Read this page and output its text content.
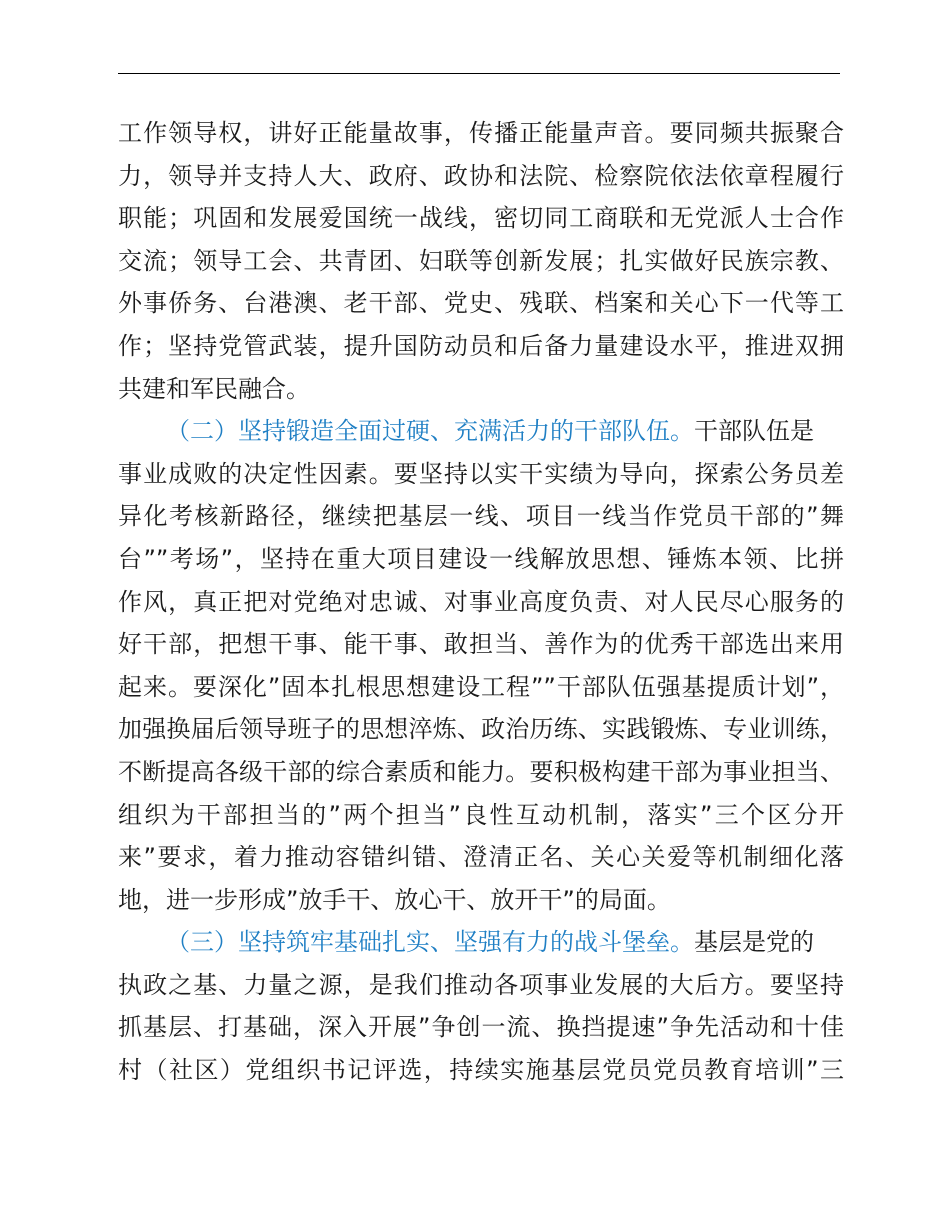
工作领导权，讲好正能量故事，传播正能量声音。要同频共振聚合
力，领导并支持人大、政府、政协和法院、检察院依法依章程履行
职能；巩固和发展爱国统一战线，密切同工商联和无党派人士合作
交流；领导工会、共青团、妇联等创新发展；扎实做好民族宗教、
外事侨务、台港澳、老干部、党史、残联、档案和关心下一代等工
作；坚持党管武装，提升国防动员和后备力量建设水平，推进双拥
共建和军民融合。
（二）坚持锻造全面过硬、充满活力的干部队伍。干部队伍是
事业成败的决定性因素。要坚持以实干实绩为导向，探索公务员差
异化考核新路径，继续把基层一线、项目一线当作党员干部的”舞
台””考场”，坚持在重大项目建设一线解放思想、锤炼本领、比拼
作风，真正把对党绝对忠诚、对事业高度负责、对人民尽心服务的
好干部，把想干事、能干事、敢担当、善作为的优秀干部选出来用
起来。要深化”固本扎根思想建设工程””干部队伍强基提质计划”，
加强换届后领导班子的思想淬炼、政治历练、实践锻炼、专业训练，
不断提高各级干部的综合素质和能力。要积极构建干部为事业担当、
组织为干部担当的”两个担当”良性互动机制，落实”三个区分开
来”要求，着力推动容错纠错、澄清正名、关心关爱等机制细化落
地，进一步形成”放手干、放心干、放开干”的局面。
（三）坚持筑牢基础扎实、坚强有力的战斗堡垒。基层是党的
执政之基、力量之源，是我们推动各项事业发展的大后方。要坚持
抓基层、打基础，深入开展”争创一流、换挡提速”争先活动和十佳
村（社区）党组织书记评选，持续实施基层党员党员教育培训”三
